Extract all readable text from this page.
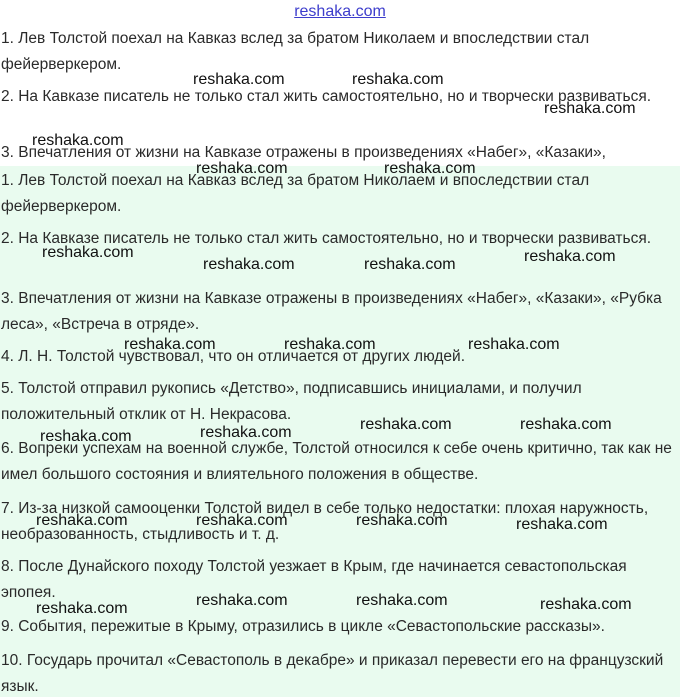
reshaka.com

1. Лев Толстой поехал на Кавказ вслед за братом Николаем и впоследствии стал фейерверкером.

2. На Кавказе писатель не только стал жить самостоятельно, но и творчески развиваться.

3. Впечатления от жизни на Кавказе отражены в произведениях «Набег», «Казаки»,

1. Лев Толстой поехал на Кавказ вслед за братом Николаем и впоследствии стал фейерверкером.

2. На Кавказе писатель не только стал жить самостоятельно, но и творчески развиваться.

3. Впечатления от жизни на Кавказе отражены в произведениях «Набег», «Казаки», «Рубка леса», «Встреча в отряде».

4. Л. Н. Толстой чувствовал, что он отличается от других людей.

5. Толстой отправил рукопись «Детство», подписавшись инициалами, и получил положительный отклик от Н. Некрасова.

6. Вопреки успехам на военной службе, Толстой относился к себе очень критично, так как не имел большого состояния и влиятельного положения в обществе.

7. Из-за низкой самооценки Толстой видел в себе только недостатки: плохая наружность, необразованность, стыдливость и т. д.

8. После Дунайского походу Толстой уезжает в Крым, где начинается севастопольская эпопея.

9. События, пережитые в Крыму, отразились в цикле «Севастопольские рассказы».

10. Государь прочитал «Севастополь в декабре» и приказал перевести его на французский язык.

reshaka.com	reshaka.com
reshaka.com
reshaka.com
reshaka.com	reshaka.com
reshaka.com
reshaka.com	reshaka.com	reshaka.com
reshaka.com	reshaka.com	reshaka.com
reshaka.com	reshaka.com
reshaka.com	reshaka.com
reshaka.com	reshaka.com	reshaka.com	reshaka.com
reshaka.com	reshaka.com	reshaka.com	reshaka.com
